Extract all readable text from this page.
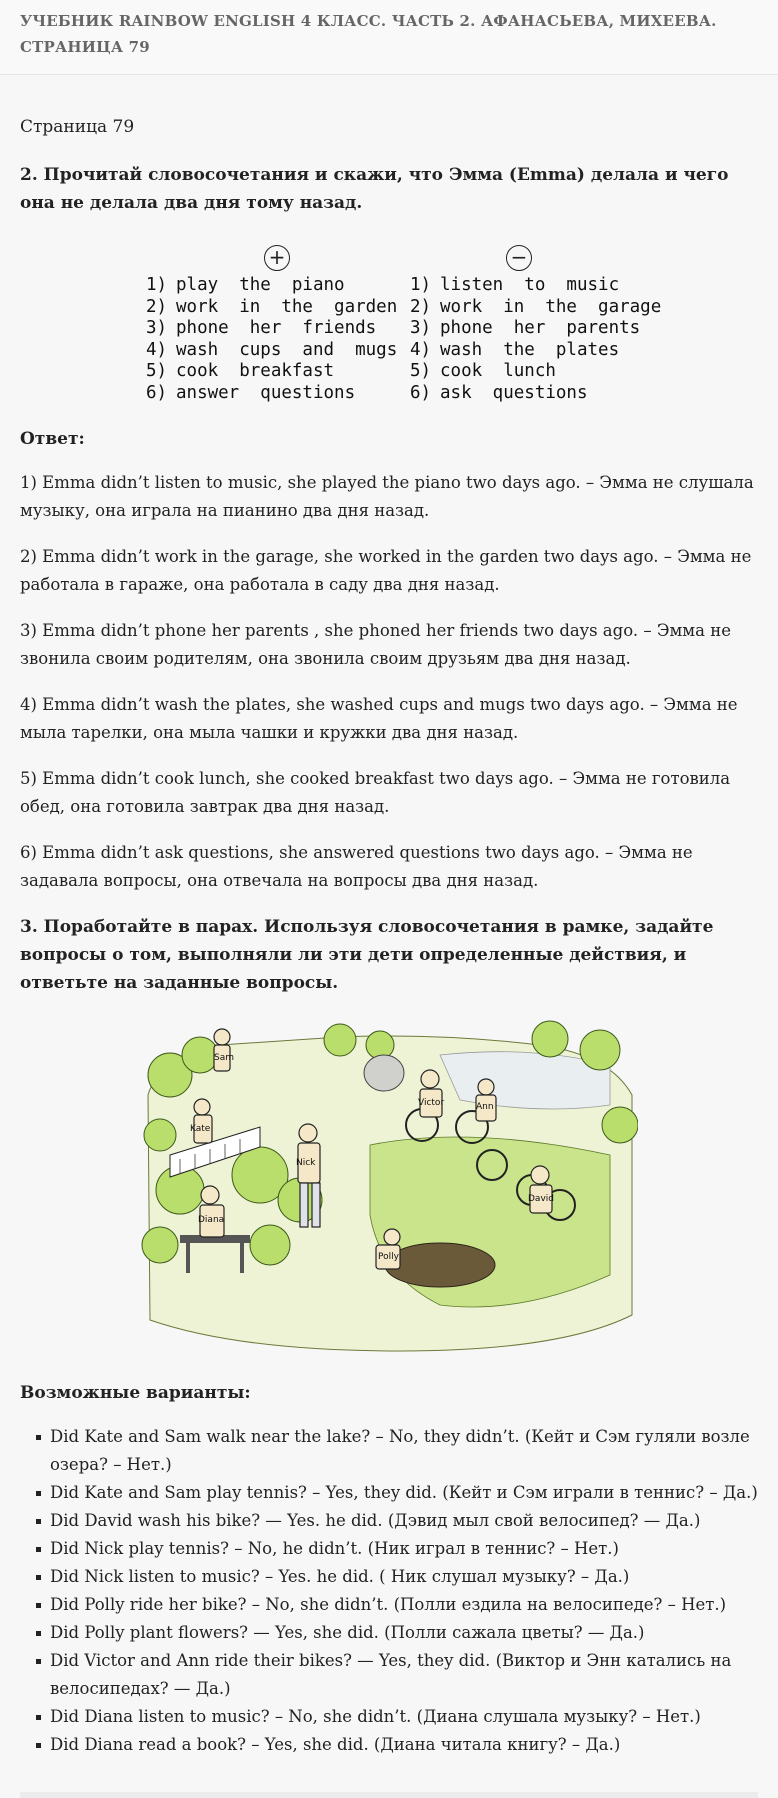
УЧЕБНИК RAINBOW ENGLISH 4 КЛАСС. ЧАСТЬ 2. АФАНАСЬЕВА, МИХЕЕВА. СТРАНИЦА 79
Страница 79

2. Прочитай словосочетания и скажи, что Эмма (Emma) делала и чего она не делала два дня тому назад.

+	−
1) play  the  piano
2) work  in  the  garden
3) phone  her  friends
4) wash  cups  and  mugs
5) cook  breakfast
6) answer  questions
1) listen  to  music
2) work  in  the  garage
3) phone  her  parents
4) wash  the  plates
5) cook  lunch
6) ask  questions
Ответ:

1) Emma didn’t listen to music, she played the piano two days ago. – Эмма не слушала музыку, она играла на пианино два дня назад.

2) Emma didn’t work in the garage, she worked in the garden two days ago. – Эмма не работала в гараже, она работала в саду два дня назад.

3) Emma didn’t phone her parents , she phoned her friends two days ago. – Эмма не звонила своим родителям, она звонила своим друзьям два дня назад.

4) Emma didn’t wash the plates, she washed cups and mugs two days ago. – Эмма не мыла тарелки, она мыла чашки и кружки два дня назад.

5) Emma didn’t cook lunch, she cooked breakfast two days ago. – Эмма не готовила обед, она готовила завтрак два дня назад.

6) Emma didn’t ask questions, she answered questions two days ago. – Эмма не задавала вопросы, она отвечала на вопросы два дня назад.

3. Поработайте в парах. Используя словосочетания в рамке, задайте вопросы о том, выполняли ли эти дети определенные действия, и ответьте на заданные вопросы.

Sam
Kate
Nick
Diana
Polly
Victor	Ann
David
Возможные варианты:
Did Kate and Sam walk near the lake? – No, they didn’t. (Кейт и Сэм гуляли возле озера? – Нет.)
Did Kate and Sam play tennis? – Yes, they did. (Кейт и Сэм играли в теннис? – Да.)
Did David wash his bike? — Yes. he did. (Дэвид мыл свой велосипед? — Да.)
Did Nick play tennis? – No, he didn’t. (Ник играл в теннис? – Нет.)
Did Nick listen to music? – Yes. he did. ( Ник слушал музыку? – Да.)
Did Polly ride her bike? – No, she didn’t. (Полли ездила на велосипеде? – Нет.)
Did Polly plant flowers? — Yes, she did. (Полли сажала цветы? — Да.)
Did Victor and Ann ride their bikes? — Yes, they did. (Виктор и Энн катались на велосипедах? — Да.)
Did Diana listen to music? – No, she didn’t. (Диана слушала музыку? – Нет.)
Did Diana read a book? – Yes, she did. (Диана читала книгу? – Да.)
